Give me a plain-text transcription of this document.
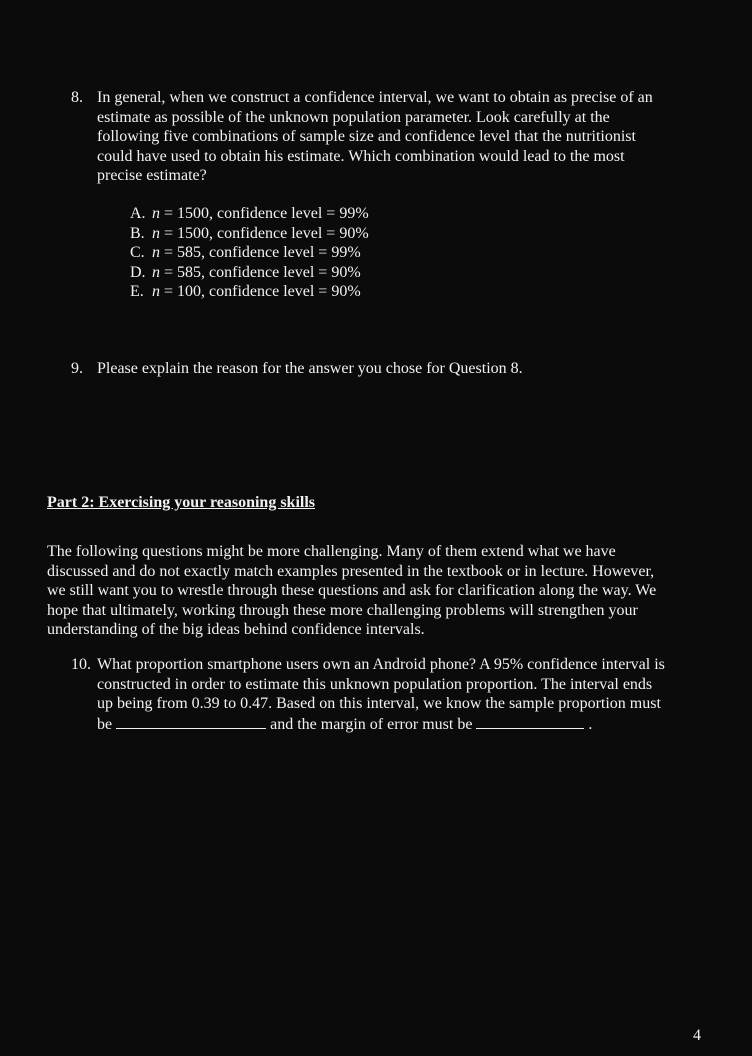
8. In general, when we construct a confidence interval, we want to obtain as precise of an
estimate as possible of the unknown population parameter. Look carefully at the
following five combinations of sample size and confidence level that the nutritionist
could have used to obtain his estimate. Which combination would lead to the most
precise estimate?
A. n = 1500, confidence level = 99%
B. n = 1500, confidence level = 90%
C. n = 585, confidence level = 99%
D. n = 585, confidence level = 90%
E. n = 100, confidence level = 90%
9. Please explain the reason for the answer you chose for Question 8.
Part 2: Exercising your reasoning skills
The following questions might be more challenging. Many of them extend what we have
discussed and do not exactly match examples presented in the textbook or in lecture. However,
we still want you to wrestle through these questions and ask for clarification along the way. We
hope that ultimately, working through these more challenging problems will strengthen your
understanding of the big ideas behind confidence intervals.
10. What proportion smartphone users own an Android phone? A 95% confidence interval is
constructed in order to estimate this unknown population proportion. The interval ends
up being from 0.39 to 0.47. Based on this interval, we know the sample proportion must
be	and the margin of error must be	.
4
